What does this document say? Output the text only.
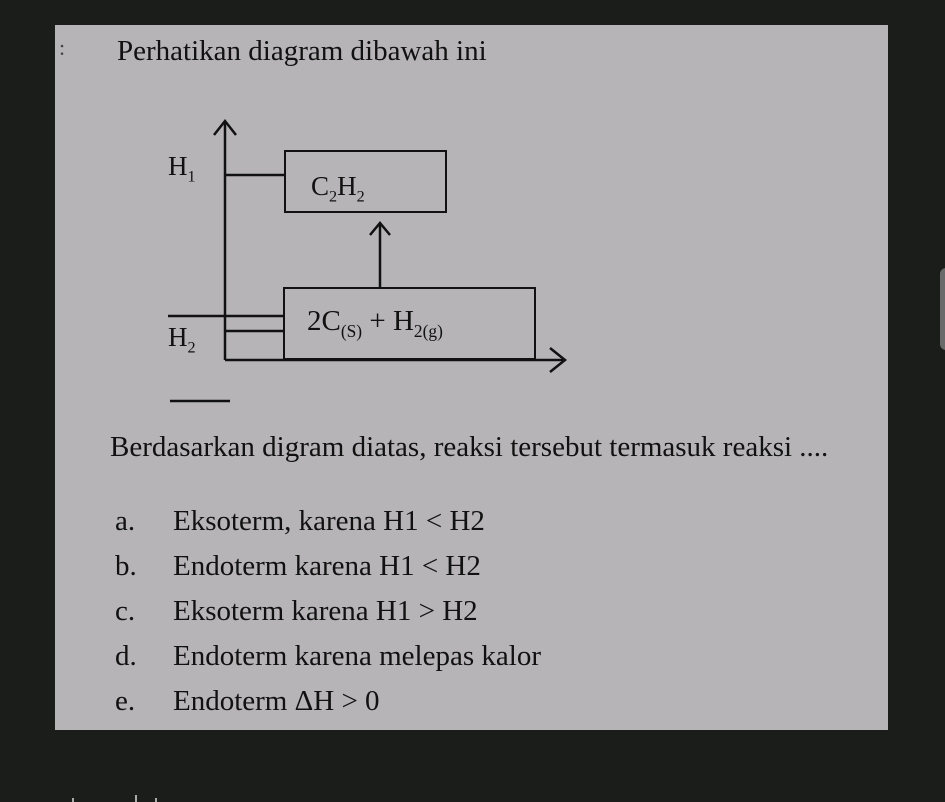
: Perhatikan diagram dibawah ini
$H_1$
$H_2$
$C_2H_2$
$2C_{(S)} + H_{2(g)}$
Berdasarkan digram diatas, reaksi tersebut termasuk reaksi ....
a. Eksoterm, karena H1 < H2
b. Endoterm karena H1 < H2
c. Eksoterm karena H1 > H2
d. Endoterm karena melepas kalor
e. Endoterm ΔH > 0
